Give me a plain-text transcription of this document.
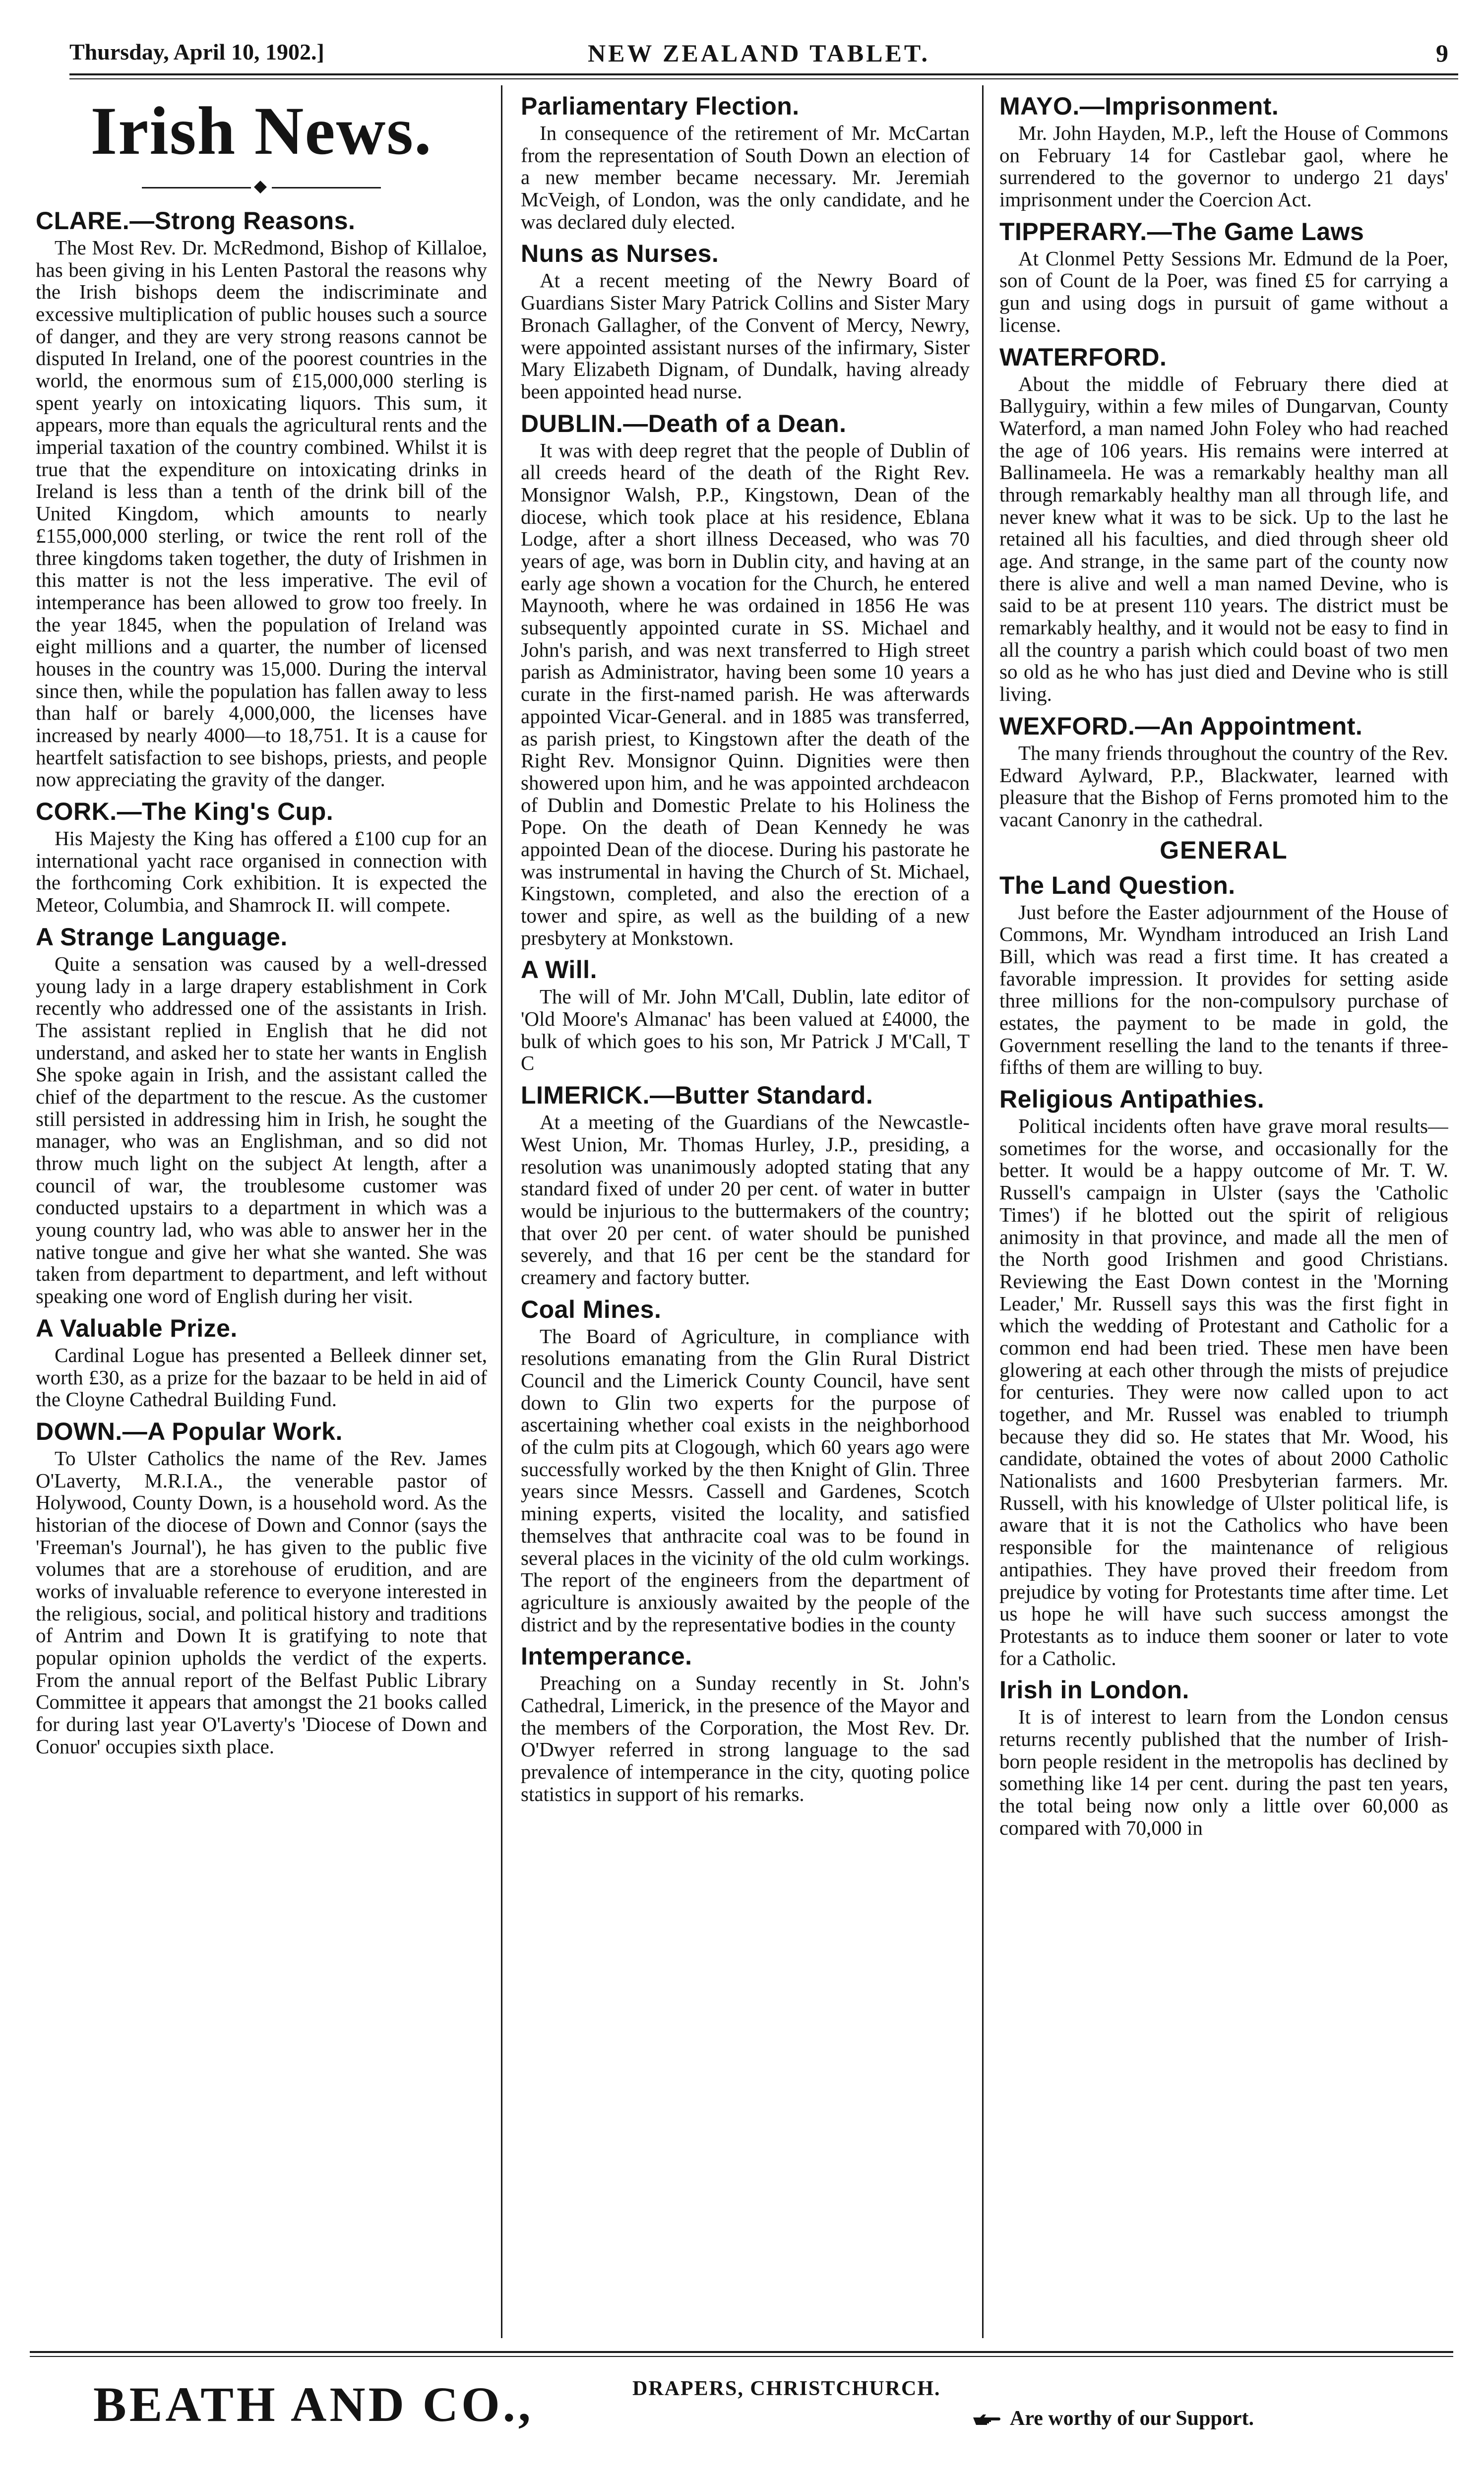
Thursday, April 10, 1902.]	NEW ZEALAND TABLET.	9
Irish News.
◆
CLARE.—Strong Reasons.

The Most Rev. Dr. McRedmond, Bishop of Killaloe, has been giving in his Lenten Pastoral the reasons why the Irish bishops deem the indiscriminate and excessive multiplication of public houses such a source of danger, and they are very strong reasons cannot be disputed In Ireland, one of the poorest countries in the world, the enormous sum of £15,000,000 sterling is spent yearly on intoxicating liquors. This sum, it appears, more than equals the agricultural rents and the imperial taxation of the country combined. Whilst it is true that the expenditure on intoxicating drinks in Ireland is less than a tenth of the drink bill of the United Kingdom, which amounts to nearly £155,000,000 sterling, or twice the rent roll of the three kingdoms taken together, the duty of Irishmen in this matter is not the less imperative. The evil of intemperance has been allowed to grow too freely. In the year 1845, when the population of Ireland was eight millions and a quarter, the number of licensed houses in the country was 15,000. During the interval since then, while the population has fallen away to less than half or barely 4,000,000, the licenses have increased by nearly 4000—to 18,751. It is a cause for heartfelt satisfaction to see bishops, priests, and people now appreciating the gravity of the danger.

CORK.—The King's Cup.

His Majesty the King has offered a £100 cup for an international yacht race organised in connection with the forthcoming Cork exhibition. It is expected the Meteor, Columbia, and Shamrock II. will compete.

A Strange Language.

Quite a sensation was caused by a well-dressed young lady in a large drapery establishment in Cork recently who addressed one of the assistants in Irish. The assistant replied in English that he did not understand, and asked her to state her wants in English She spoke again in Irish, and the assistant called the chief of the department to the rescue. As the customer still persisted in addressing him in Irish, he sought the manager, who was an Englishman, and so did not throw much light on the subject At length, after a council of war, the troublesome customer was conducted upstairs to a department in which was a young country lad, who was able to answer her in the native tongue and give her what she wanted. She was taken from department to department, and left without speaking one word of English during her visit.

A Valuable Prize.

Cardinal Logue has presented a Belleek dinner set, worth £30, as a prize for the bazaar to be held in aid of the Cloyne Cathedral Building Fund.

DOWN.—A Popular Work.

To Ulster Catholics the name of the Rev. James O'Laverty, M.R.I.A., the venerable pastor of Holywood, County Down, is a household word. As the historian of the diocese of Down and Connor (says the 'Freeman's Journal'), he has given to the public five volumes that are a storehouse of erudition, and are works of invaluable reference to everyone interested in the religious, social, and political history and traditions of Antrim and Down It is gratifying to note that popular opinion upholds the verdict of the experts. From the annual report of the Belfast Public Library Committee it appears that amongst the 21 books called for during last year O'Laverty's 'Diocese of Down and Conuor' occupies sixth place.

Parliamentary Flection.

In consequence of the retirement of Mr. McCartan from the representation of South Down an election of a new member became necessary. Mr. Jeremiah McVeigh, of London, was the only candidate, and he was declared duly elected.

Nuns as Nurses.

At a recent meeting of the Newry Board of Guardians Sister Mary Patrick Collins and Sister Mary Bronach Gallagher, of the Convent of Mercy, Newry, were appointed assistant nurses of the infirmary, Sister Mary Elizabeth Dignam, of Dundalk, having already been appointed head nurse.

DUBLIN.—Death of a Dean.

It was with deep regret that the people of Dublin of all creeds heard of the death of the Right Rev. Monsignor Walsh, P.P., Kingstown, Dean of the diocese, which took place at his residence, Eblana Lodge, after a short illness Deceased, who was 70 years of age, was born in Dublin city, and having at an early age shown a vocation for the Church, he entered Maynooth, where he was ordained in 1856 He was subsequently appointed curate in SS. Michael and John's parish, and was next transferred to High street parish as Administrator, having been some 10 years a curate in the first-named parish. He was afterwards appointed Vicar-General. and in 1885 was transferred, as parish priest, to Kingstown after the death of the Right Rev. Monsignor Quinn. Dignities were then showered upon him, and he was appointed archdeacon of Dublin and Domestic Prelate to his Holiness the Pope. On the death of Dean Kennedy he was appointed Dean of the diocese. During his pastorate he was instrumental in having the Church of St. Michael, Kingstown, completed, and also the erection of a tower and spire, as well as the building of a new presbytery at Monkstown.

A Will.

The will of Mr. John M'Call, Dublin, late editor of 'Old Moore's Almanac' has been valued at £4000, the bulk of which goes to his son, Mr Patrick J M'Call, T C

LIMERICK.—Butter Standard.

At a meeting of the Guardians of the Newcastle-West Union, Mr. Thomas Hurley, J.P., presiding, a resolution was unanimously adopted stating that any standard fixed of under 20 per cent. of water in butter would be injurious to the buttermakers of the country; that over 20 per cent. of water should be punished severely, and that 16 per cent be the standard for creamery and factory butter.

Coal Mines.

The Board of Agriculture, in compliance with resolutions emanating from the Glin Rural District Council and the Limerick County Council, have sent down to Glin two experts for the purpose of ascertaining whether coal exists in the neighborhood of the culm pits at Clogough, which 60 years ago were successfully worked by the then Knight of Glin. Three years since Messrs. Cassell and Gardenes, Scotch mining experts, visited the locality, and satisfied themselves that anthracite coal was to be found in several places in the vicinity of the old culm workings. The report of the engineers from the department of agriculture is anxiously awaited by the people of the district and by the representative bodies in the county

Intemperance.

Preaching on a Sunday recently in St. John's Cathedral, Limerick, in the presence of the Mayor and the members of the Corporation, the Most Rev. Dr. O'Dwyer referred in strong language to the sad prevalence of intemperance in the city, quoting police statistics in support of his remarks.

MAYO.—Imprisonment.

Mr. John Hayden, M.P., left the House of Commons on February 14 for Castlebar gaol, where he surrendered to the governor to undergo 21 days' imprisonment under the Coercion Act.

TIPPERARY.—The Game Laws

At Clonmel Petty Sessions Mr. Edmund de la Poer, son of Count de la Poer, was fined £5 for carrying a gun and using dogs in pursuit of game without a license.

WATERFORD.

About the middle of February there died at Ballyguiry, within a few miles of Dungarvan, County Waterford, a man named John Foley who had reached the age of 106 years. His remains were interred at Ballinameela. He was a remarkably healthy man all through remarkably healthy man all through life, and never knew what it was to be sick. Up to the last he retained all his faculties, and died through sheer old age. And strange, in the same part of the county now there is alive and well a man named Devine, who is said to be at present 110 years. The district must be remarkably healthy, and it would not be easy to find in all the country a parish which could boast of two men so old as he who has just died and Devine who is still living.

WEXFORD.—An Appointment.

The many friends throughout the country of the Rev. Edward Aylward, P.P., Blackwater, learned with pleasure that the Bishop of Ferns promoted him to the vacant Canonry in the cathedral.

GENERAL
The Land Question.

Just before the Easter adjournment of the House of Commons, Mr. Wyndham introduced an Irish Land Bill, which was read a first time. It has created a favorable impression. It provides for setting aside three millions for the non-compulsory purchase of estates, the payment to be made in gold, the Government reselling the land to the tenants if three-fifths of them are willing to buy.

Religious Antipathies.

Political incidents often have grave moral results—sometimes for the worse, and occasionally for the better. It would be a happy outcome of Mr. T. W. Russell's campaign in Ulster (says the 'Catholic Times') if he blotted out the spirit of religious animosity in that province, and made all the men of the North good Irishmen and good Christians. Reviewing the East Down contest in the 'Morning Leader,' Mr. Russell says this was the first fight in which the wedding of Protestant and Catholic for a common end had been tried. These men have been glowering at each other through the mists of prejudice for centuries. They were now called upon to act together, and Mr. Russel was enabled to triumph because they did so. He states that Mr. Wood, his candidate, obtained the votes of about 2000 Catholic Nationalists and 1600 Presbyterian farmers. Mr. Russell, with his knowledge of Ulster political life, is aware that it is not the Catholics who have been responsible for the maintenance of religious antipathies. They have proved their freedom from prejudice by voting for Protestants time after time. Let us hope he will have such success amongst the Protestants as to induce them sooner or later to vote for a Catholic.

Irish in London.

It is of interest to learn from the London census returns recently published that the number of Irish-born people resident in the metropolis has declined by something like 14 per cent. during the past ten years, the total being now only a little over 60,000 as compared with 70,000 in

BEATH AND CO.,	DRAPERS, CHRISTCHURCH.
Are worthy of our Support.
